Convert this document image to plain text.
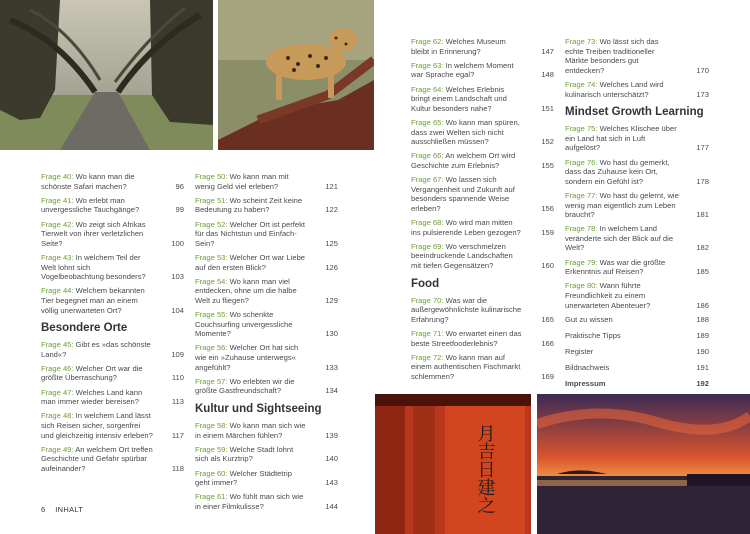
月吉日建之
Frage 40: Wo kann man die schönste Safari machen?	96
Frage 41: Wo erlebt man unvergessliche Tauchgänge?	99
Frage 42: Wo zeigt sich Afrikas Tierwelt von ihrer verletzlichen Seite?	100
Frage 43: In welchem Teil der Welt lohnt sich Vogelbeobachtung besonders?	103
Frage 44: Welchem bekannten Tier begegnet man an einem völlig unerwarteten Ort?	104
Besondere Orte
Frage 45: Gibt es »das schönste Land«?	109
Frage 46: Welcher Ort war die größte Überraschung?	110
Frage 47: Welches Land kann man immer wieder bereisen?	113
Frage 48: In welchem Land lässt sich Reisen sicher, sorgenfrei und gleichzeitig intensiv erleben?	117
Frage 49: An welchem Ort treffen Geschichte und Gefahr spürbar aufeinander?	118
Frage 50: Wo kann man mit wenig Geld viel erleben?	121
Frage 51: Wo scheint Zeit keine Bedeutung zu haben?	122
Frage 52: Welcher Ort ist perfekt für das Nichtstun und Einfach-Sein?	125
Frage 53: Welcher Ort war Liebe auf den ersten Blick?	126
Frage 54: Wo kann man viel entdecken, ohne um die halbe Welt zu fliegen?	129
Frage 55: Wo schenkte Couchsurfing unvergessliche Momente?	130
Frage 56: Welcher Ort hat sich wie ein »Zuhause unterwegs« angefühlt?	133
Frage 57: Wo erlebten wir die größte Gastfreundschaft?	134
Kultur und Sightseeing
Frage 58: Wo kann man sich wie in einem Märchen fühlen?	139
Frage 59: Welche Stadt lohnt sich als Kurztrip?	140
Frage 60: Welcher Städtetrip geht immer?	143
Frage 61: Wo fühlt man sich wie in einer Filmkulisse?	144
Frage 62: Welches Museum bleibt in Erinnerung?	147
Frage 63: In welchem Moment war Sprache egal?	148
Frage 64: Welches Erlebnis bringt einem Landschaft und Kultur besonders nahe?	151
Frage 65: Wo kann man spüren, dass zwei Welten sich nicht ausschließen müssen?	152
Frage 66: An welchem Ort wird Geschichte zum Erlebnis?	155
Frage 67: Wo lassen sich Vergangenheit und Zukunft auf besonders spannende Weise erleben?	156
Frage 68: Wo wird man mitten ins pulsierende Leben gezogen?	159
Frage 69: Wo verschmelzen beeindruckende Landschaften mit tiefen Gegensätzen?	160
Food
Frage 70: Was war die außergewöhnlichste kulinarische Erfahrung?	165
Frage 71: Wo erwartet einen das beste Streetfooderlebnis?	166
Frage 72: Wo kann man auf einem authentischen Fischmarkt schlemmen?	169
Frage 73: Wo lässt sich das echte Treiben traditioneller Märkte besonders gut entdecken?	170
Frage 74: Welches Land wird kulinarisch unterschätzt?	173
Mindset Growth Learning
Frage 75: Welches Klischee über ein Land hat sich in Luft aufgelöst?	177
Frage 76: Wo hast du gemerkt, dass das Zuhause kein Ort, sondern ein Gefühl ist?	178
Frage 77: Wo hast du gelernt, wie wenig man eigentlich zum Leben braucht?	181
Frage 78: In welchem Land veränderte sich der Blick auf die Welt?	182
Frage 79: Was war die größte Erkenntnis auf Reisen?	185
Frage 80: Wann führte Freundlichkeit zu einem unerwarteten Abenteuer?	186
Gut zu wissen	188
Praktische Tipps	189
Register	190
Bildnachweis	191
Impressum	192
6 INHALT
